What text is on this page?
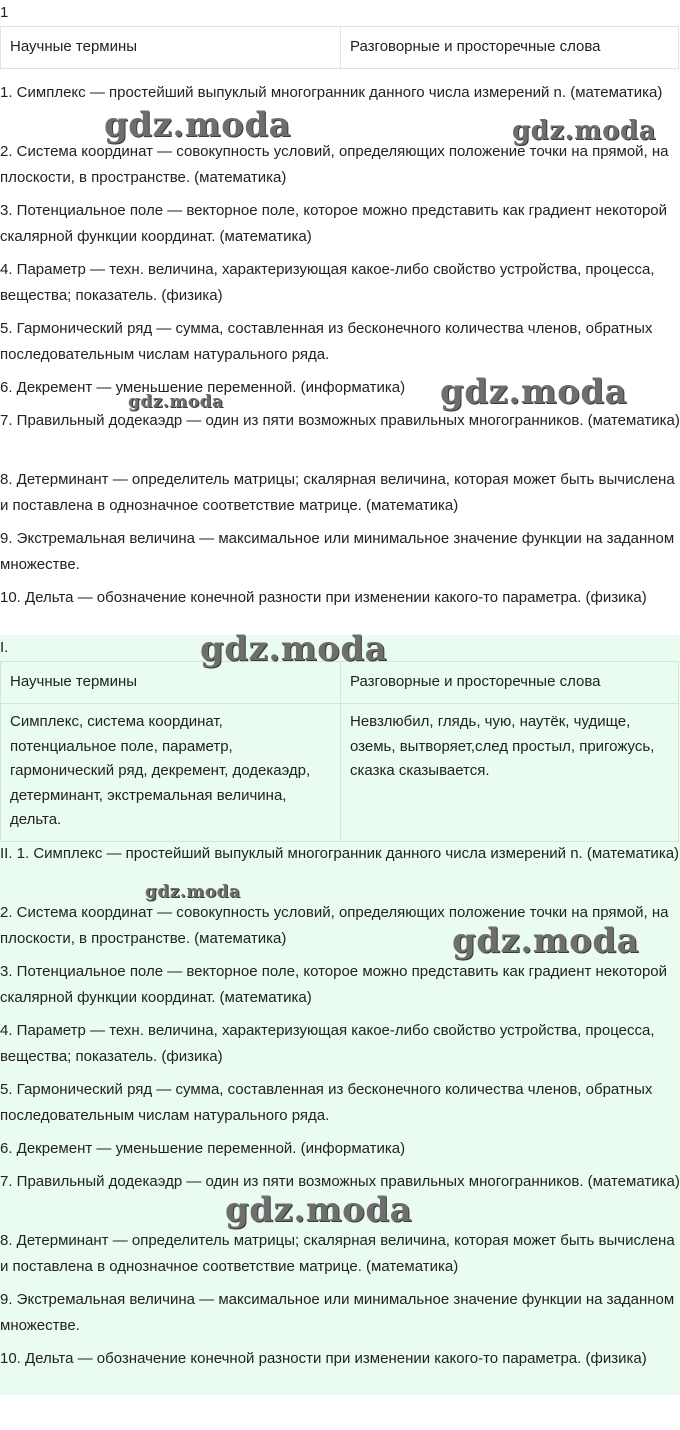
1
Научные термины	Разговорные и просторечные слова

1. Симплекс — простейший выпуклый многогранник данного числа измерений n. (математика)

2. Система координат — совокупность условий, определяющих положение точки на прямой, на плоскости, в пространстве. (математика)

3. Потенциальное поле — векторное поле, которое можно представить как градиент некоторой скалярной функции координат. (математика)

4. Параметр — техн. величина, характеризующая какое-либо свойство устройства, процесса, вещества; показатель. (физика)

5. Гармонический ряд — сумма, составленная из бесконечного количества членов, обратных последовательным числам натурального ряда.

6. Декремент — уменьшение переменной. (информатика)

7. Правильный додекаэдр — один из пяти возможных правильных многогранников. (математика)

8. Детерминант — определитель матрицы; скалярная величина, которая может быть вычислена и поставлена в однозначное соответствие матрице. (математика)

9. Экстремальная величина — максимальное или минимальное значение функции на заданном множестве.

10. Дельта — обозначение конечной разности при изменении какого-то параметра. (физика)

I.
Научные термины	Разговорные и просторечные слова
Симплекс, система координат, потенциальное поле, параметр, гармонический ряд, декремент, додекаэдр, детерминант, экстремальная величина, дельта.	Невзлюбил, глядь, чую, наутёк, чудище, оземь, вытворяет,след простыл, пригожусь, сказка сказывается.

II. 1. Симплекс — простейший выпуклый многогранник данного числа измерений n. (математика)

2. Система координат — совокупность условий, определяющих положение точки на прямой, на плоскости, в пространстве. (математика)

3. Потенциальное поле — векторное поле, которое можно представить как градиент некоторой скалярной функции координат. (математика)

4. Параметр — техн. величина, характеризующая какое-либо свойство устройства, процесса, вещества; показатель. (физика)

5. Гармонический ряд — сумма, составленная из бесконечного количества членов, обратных последовательным числам натурального ряда.

6. Декремент — уменьшение переменной. (информатика)

7. Правильный додекаэдр — один из пяти возможных правильных многогранников. (математика)

8. Детерминант — определитель матрицы; скалярная величина, которая может быть вычислена и поставлена в однозначное соответствие матрице. (математика)

9. Экстремальная величина — максимальное или минимальное значение функции на заданном множестве.

10. Дельта — обозначение конечной разности при изменении какого-то параметра. (физика)

gdz.moda	gdz.moda
gdz.moda
gdz.moda
gdz.moda
gdz.moda
gdz.moda
gdz.moda
